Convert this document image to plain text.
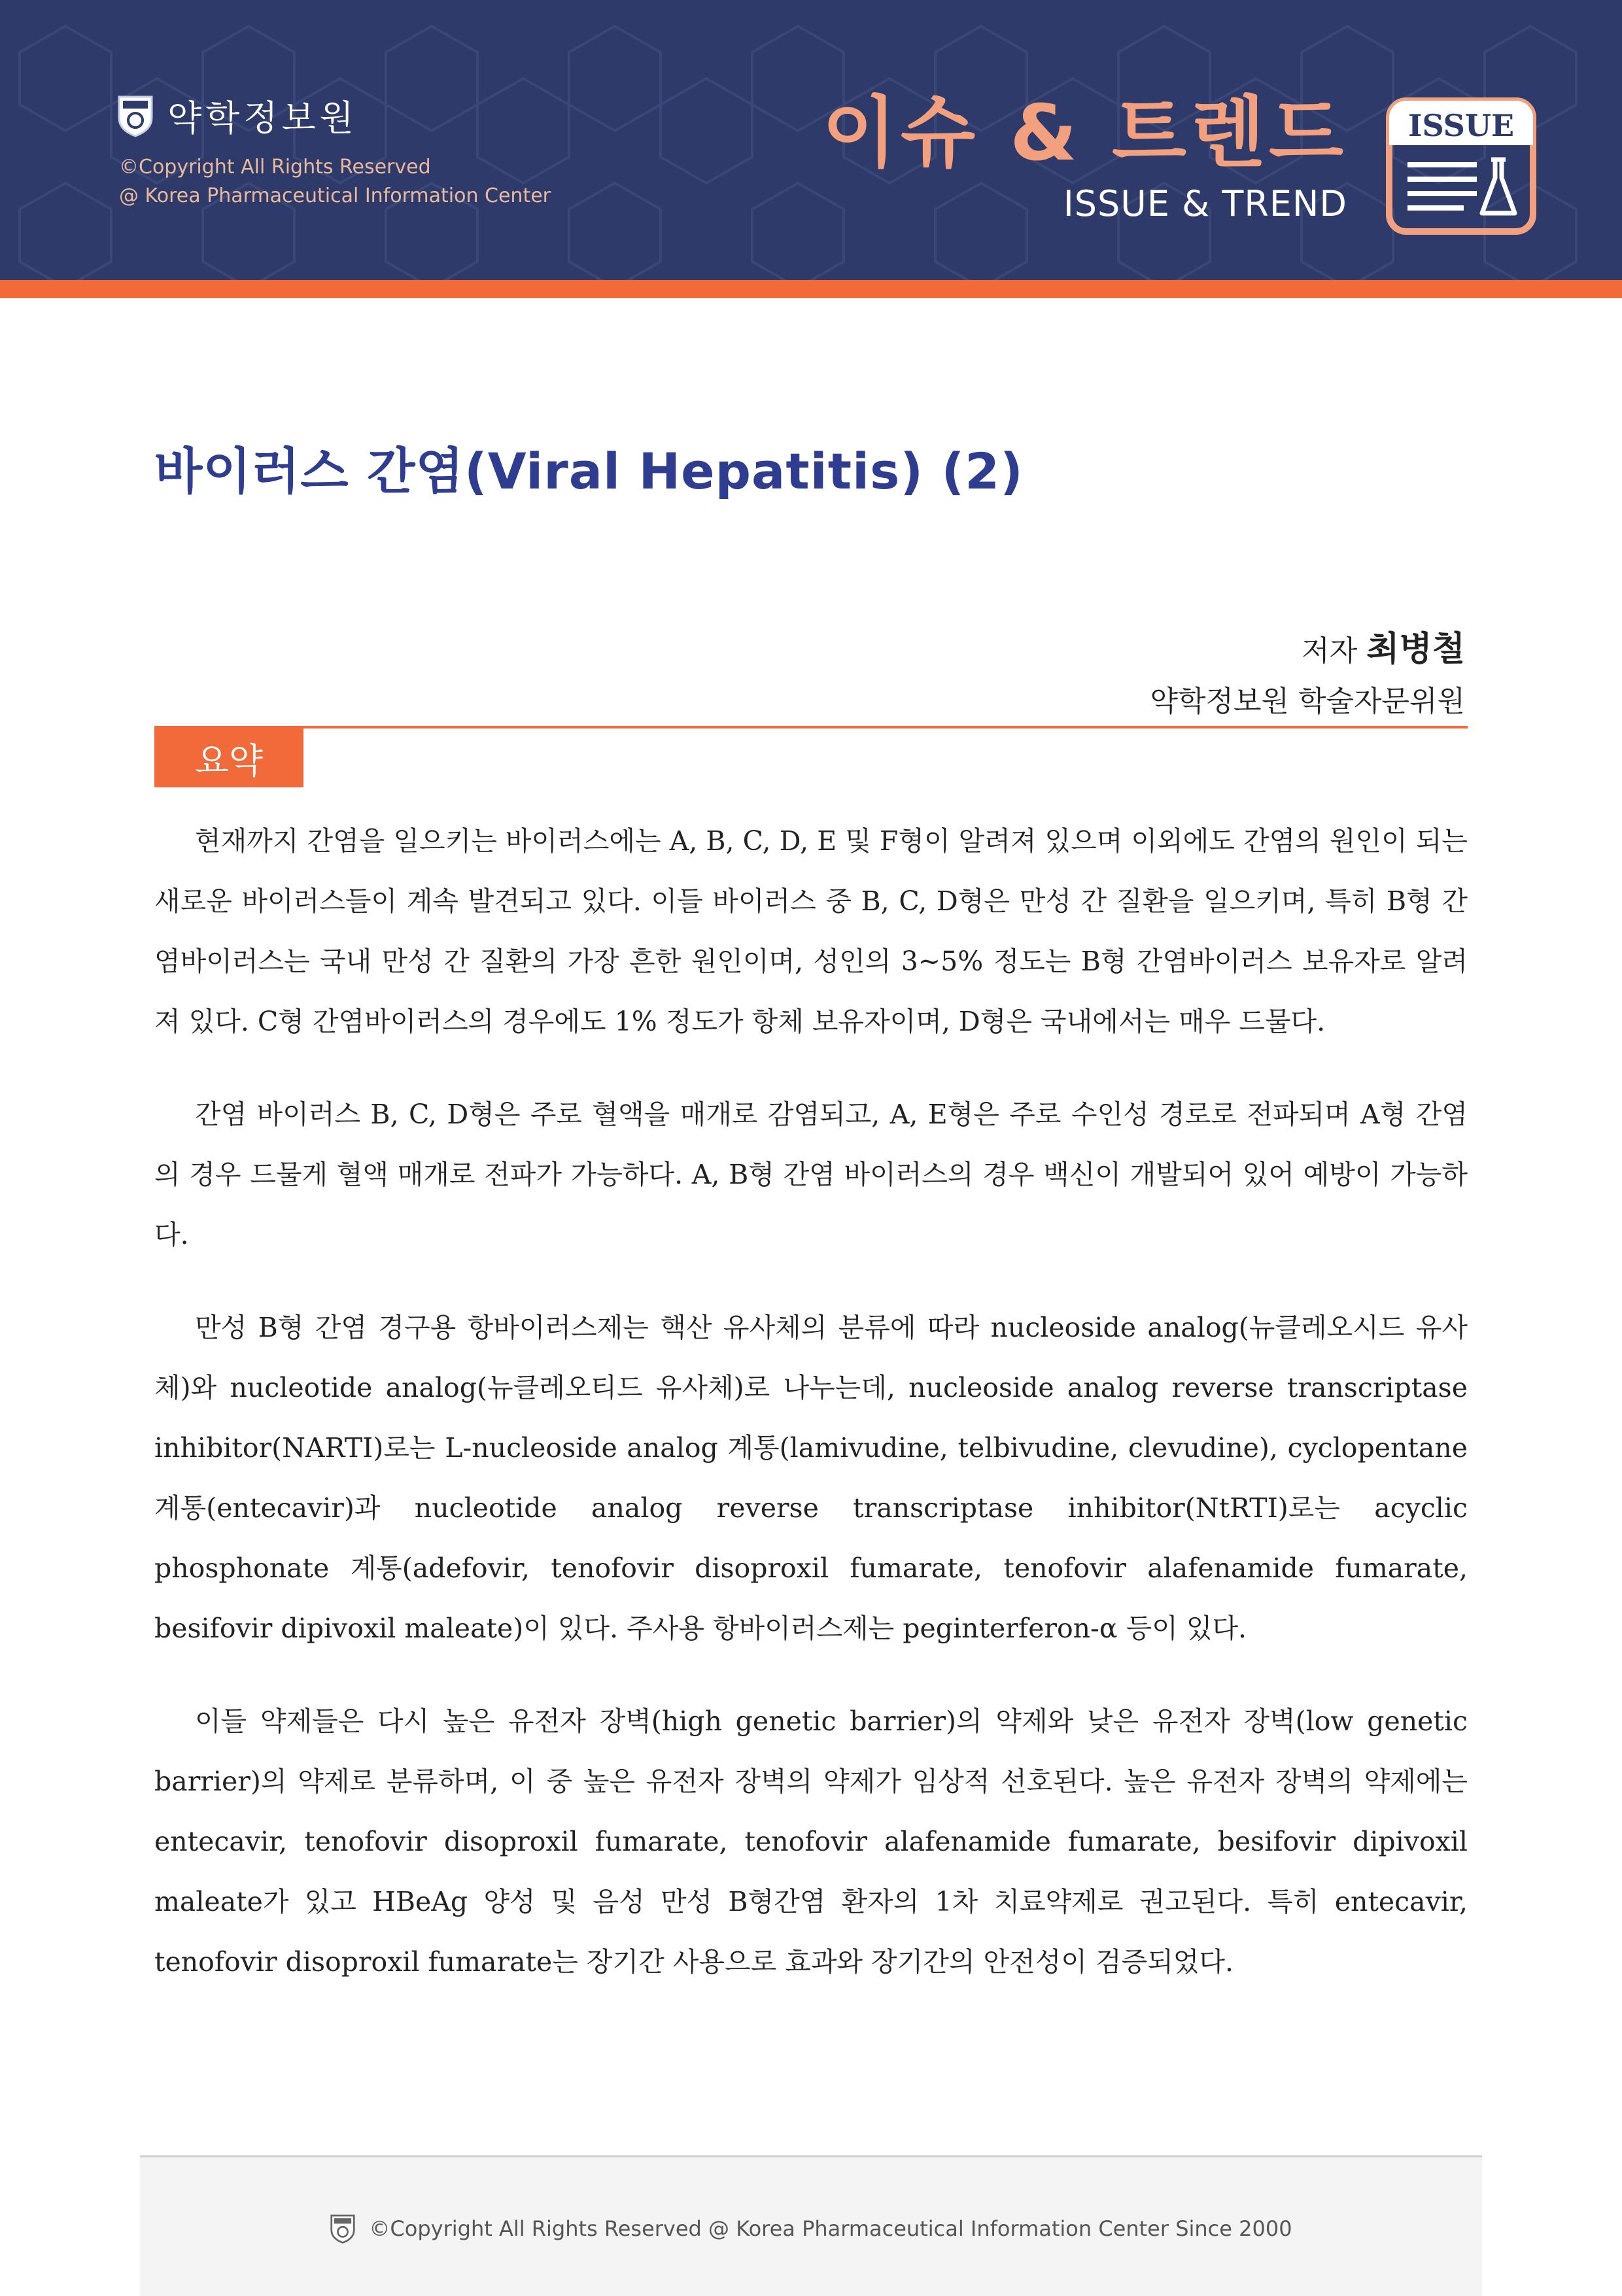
약학정보원
©Copyright All Rights Reserved
@ Korea Pharmaceutical Information Center
이슈 & 트렌드
ISSUE & TREND
ISSUE
바이러스 간염(Viral Hepatitis) (2)
저자 최병철
약학정보원 학술자문위원
요약

현재까지 간염을 일으키는 바이러스에는 A, B, C, D, E 및 F형이 알려져 있으며 이외에도 간염의 원인이 되는 새로운 바이러스들이 계속 발견되고 있다. 이들 바이러스 중 B, C, D형은 만성 간 질환을 일으키며, 특히 B형 간염바이러스는 국내 만성 간 질환의 가장 흔한 원인이며, 성인의 3~5% 정도는 B형 간염바이러스 보유자로 알려져 있다. C형 간염바이러스의 경우에도 1% 정도가 항체 보유자이며, D형은 국내에서는 매우 드물다.

간염 바이러스 B, C, D형은 주로 혈액을 매개로 감염되고, A, E형은 주로 수인성 경로로 전파되며 A형 간염의 경우 드물게 혈액 매개로 전파가 가능하다. A, B형 간염 바이러스의 경우 백신이 개발되어 있어 예방이 가능하다.

만성 B형 간염 경구용 항바이러스제는 핵산 유사체의 분류에 따라 nucleoside analog(뉴클레오시드 유사체)와 nucleotide analog(뉴클레오티드 유사체)로 나누는데, nucleoside analog reverse transcriptase inhibitor(NARTI)로는 L-nucleoside analog 계통(lamivudine, telbivudine, clevudine), cyclopentane 계통(entecavir)과 nucleotide analog reverse transcriptase inhibitor(NtRTI)로는 acyclic phosphonate 계통(adefovir, tenofovir disoproxil fumarate, tenofovir alafenamide fumarate, besifovir dipivoxil maleate)이 있다. 주사용 항바이러스제는 peginterferon-α 등이 있다.

이들 약제들은 다시 높은 유전자 장벽(high genetic barrier)의 약제와 낮은 유전자 장벽(low genetic barrier)의 약제로 분류하며, 이 중 높은 유전자 장벽의 약제가 임상적 선호된다. 높은 유전자 장벽의 약제에는 entecavir, tenofovir disoproxil fumarate, tenofovir alafenamide fumarate, besifovir dipivoxil maleate가 있고 HBeAg 양성 및 음성 만성 B형간염 환자의 1차 치료약제로 권고된다. 특히 entecavir, tenofovir disoproxil fumarate는 장기간 사용으로 효과와 장기간의 안전성이 검증되었다.

©Copyright All Rights Reserved @ Korea Pharmaceutical Information Center Since 2000
